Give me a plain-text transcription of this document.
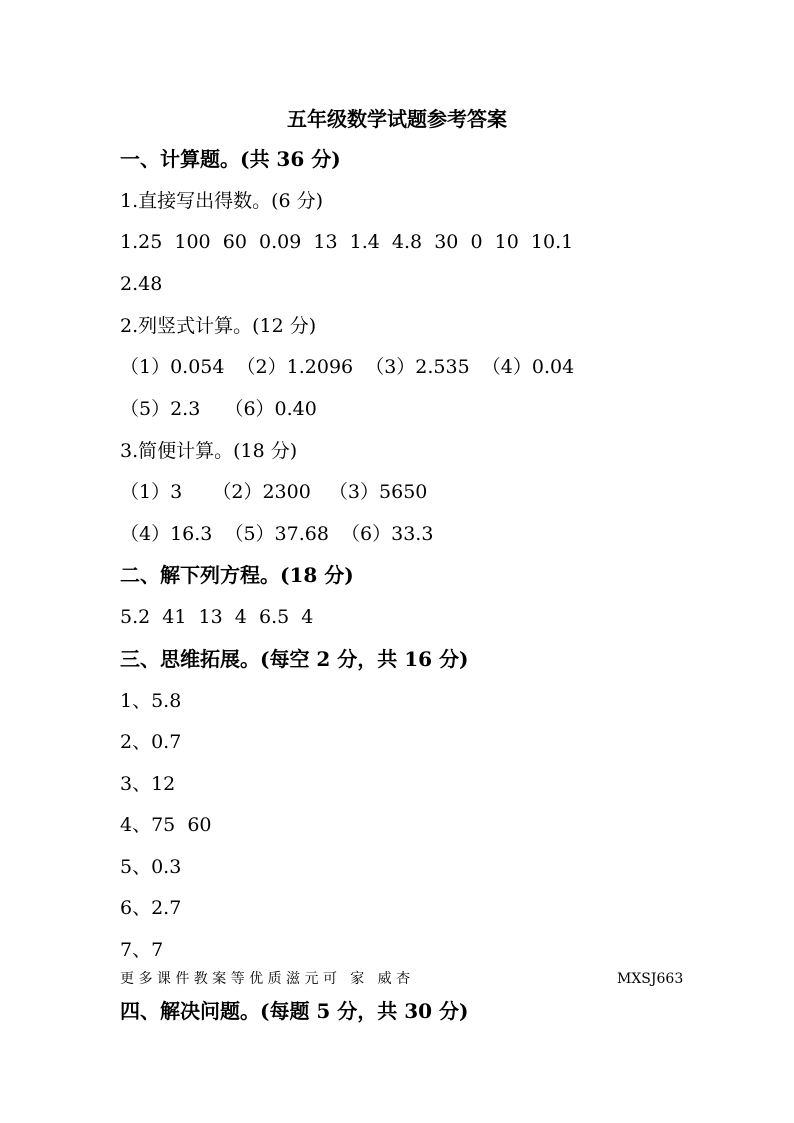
五年级数学试题参考答案
一、计算题。(共 36 分)
1.直接写出得数。(6 分)
1.25  100  60  0.09  13  1.4  4.8  30  0  10  10.1
2.48
2.列竖式计算。(12 分)
（1）0.054  （2）1.2096  （3）2.535  （4）0.04
（5）2.3    （6）0.40
3.简便计算。(18 分)
（1）3     （2）2300   （3）5650
（4）16.3  （5）37.68  （6）33.3
二、解下列方程。(18 分)
5.2  41  13  4  6.5  4
三、思维拓展。(每空 2 分，共 16 分)
1、5.8
2、0.7
3、12
4、75  60
5、0.3
6、2.7
7、7
更 多 课 件 教 案 等 优 质 滋 元 可   家   威 杏	MXSJ663
四、解决问题。(每题 5 分，共 30 分)
